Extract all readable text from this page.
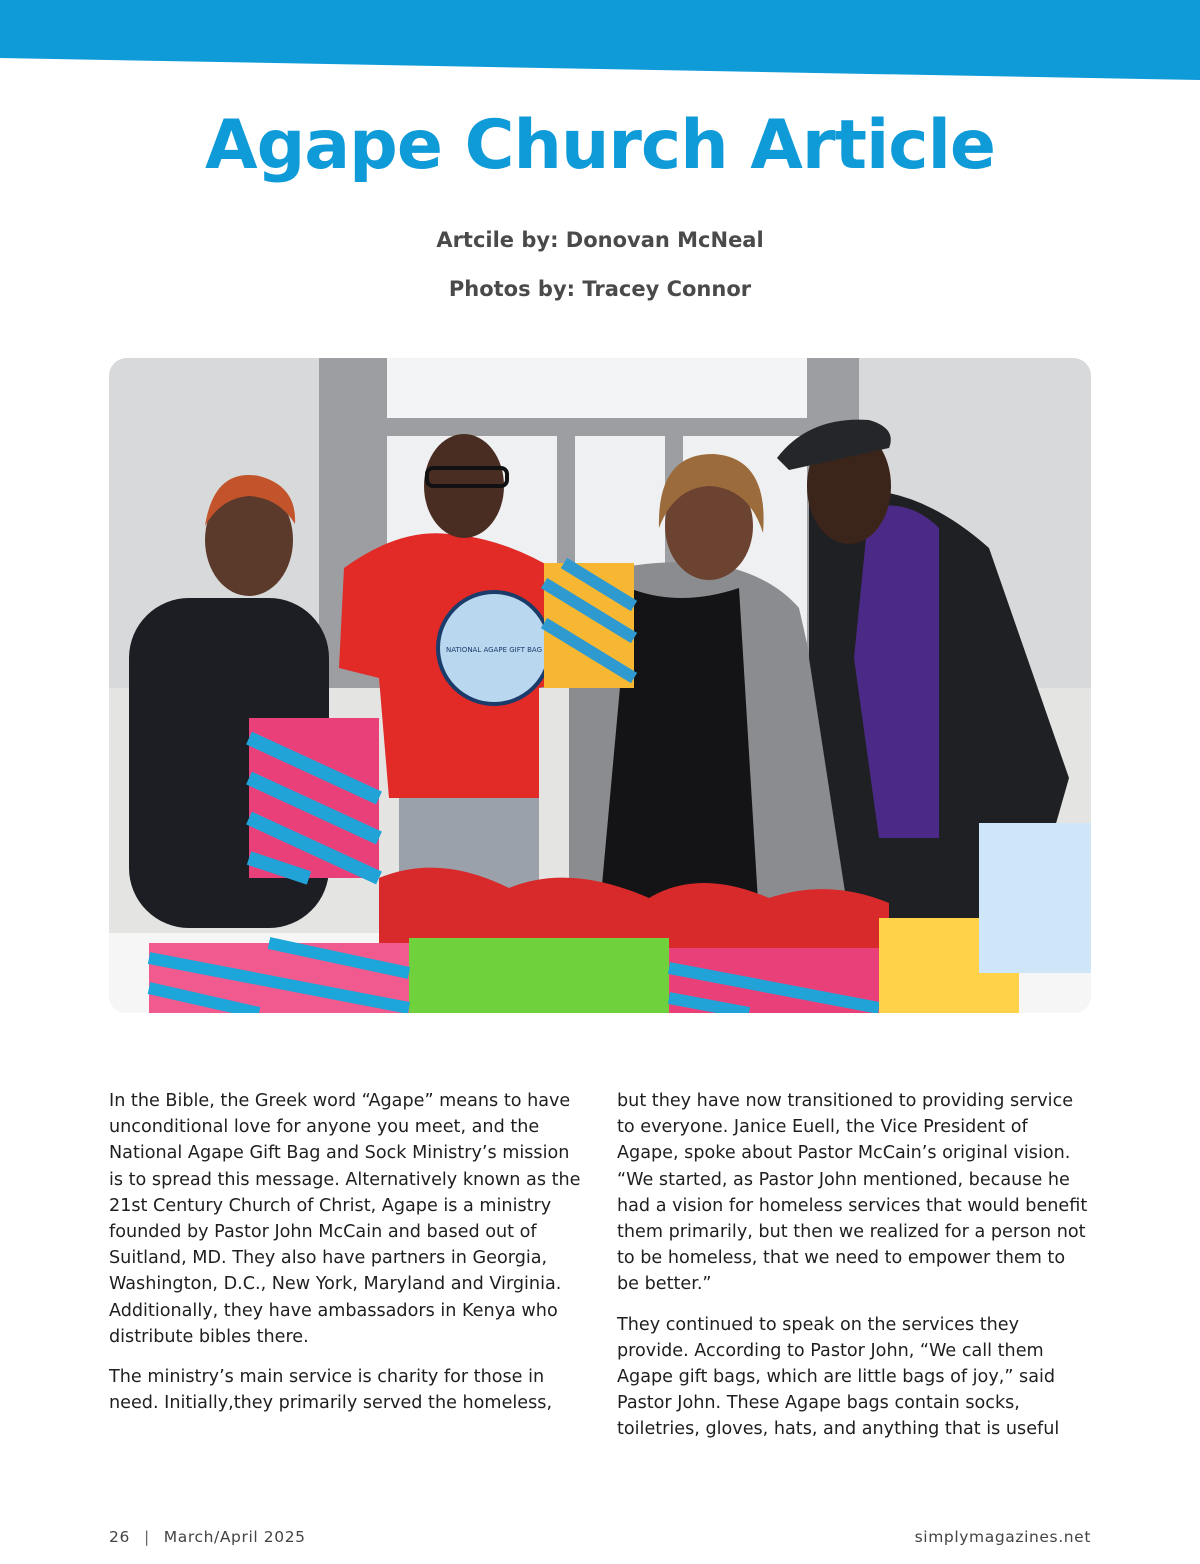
Agape Church Article

Artcile by: Donovan McNeal

Photos by: Tracey Connor

NATIONAL AGAPE GIFT BAG

In the Bible, the Greek word “Agape” means to have unconditional love for anyone you meet, and the National Agape Gift Bag and Sock Ministry’s mission is to spread this message. Alternatively known as the 21st Century Church of Christ, Agape is a ministry founded by Pastor John McCain and based out of Suitland, MD. They also have partners in Georgia, Washington, D.C., New York, Maryland and Virginia. Additionally, they have ambassadors in Kenya who distribute bibles there.

The ministry’s main service is charity for those in need. Initially,they primarily served the homeless,

but they have now transitioned to providing service to everyone. Janice Euell, the Vice President of Agape, spoke about Pastor McCain’s original vision. “We started, as Pastor John mentioned, because he had a vision for homeless services that would benefit them primarily, but then we realized for a person not to be homeless, that we need to empower them to be better.”

They continued to speak on the services they provide. According to Pastor John, “We call them Agape gift bags, which are little bags of joy,” said Pastor John. These Agape bags contain socks, toiletries, gloves, hats, and anything that is useful

26 | March/April 2025	simplymagazines.net
